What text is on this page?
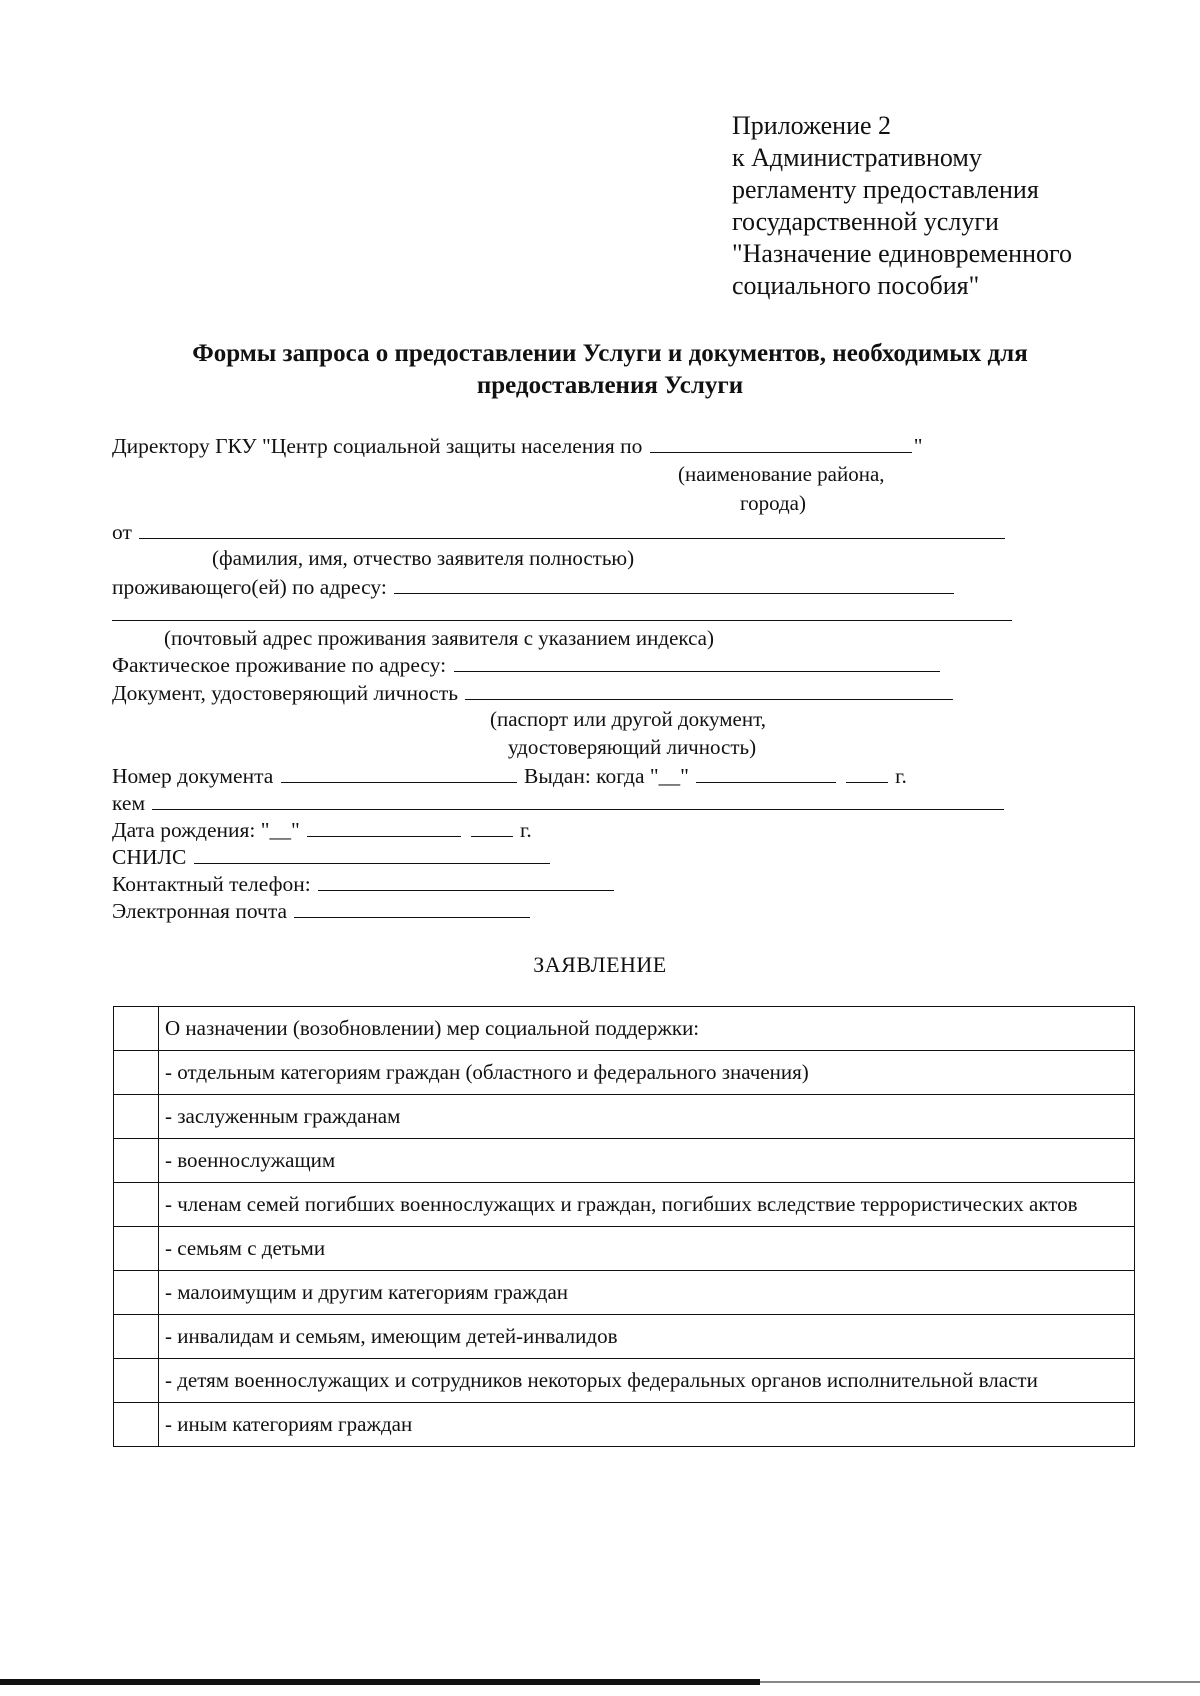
Приложение 2
к Административному
регламенту предоставления
государственной услуги
"Назначение единовременного
социального пособия"
Формы запроса о предоставлении Услуги и документов, необходимых для
предоставления Услуги
Директору ГКУ "Центр социальной защиты населения по	"
(наименование района,
города)
от
(фамилия, имя, отчество заявителя полностью)
проживающего(ей) по адресу:
(почтовый адрес проживания заявителя с указанием индекса)
Фактическое проживание по адресу:
Документ, удостоверяющий личность
(паспорт или другой документ,
удостоверяющий личность)
Номер документа	Выдан: когда "__"	г.
кем
Дата рождения: "__"	г.
СНИЛС
Контактный телефон:
Электронная почта
ЗАЯВЛЕНИЕ
	О назначении (возобновлении) мер социальной поддержки:
	- отдельным категориям граждан (областного и федерального значения)
	- заслуженным гражданам
	- военнослужащим
	- членам семей погибших военнослужащих и граждан, погибших вследствие террористических актов
	- семьям с детьми
	- малоимущим и другим категориям граждан
	- инвалидам и семьям, имеющим детей-инвалидов
	- детям военнослужащих и сотрудников некоторых федеральных органов исполнительной власти
	- иным категориям граждан
